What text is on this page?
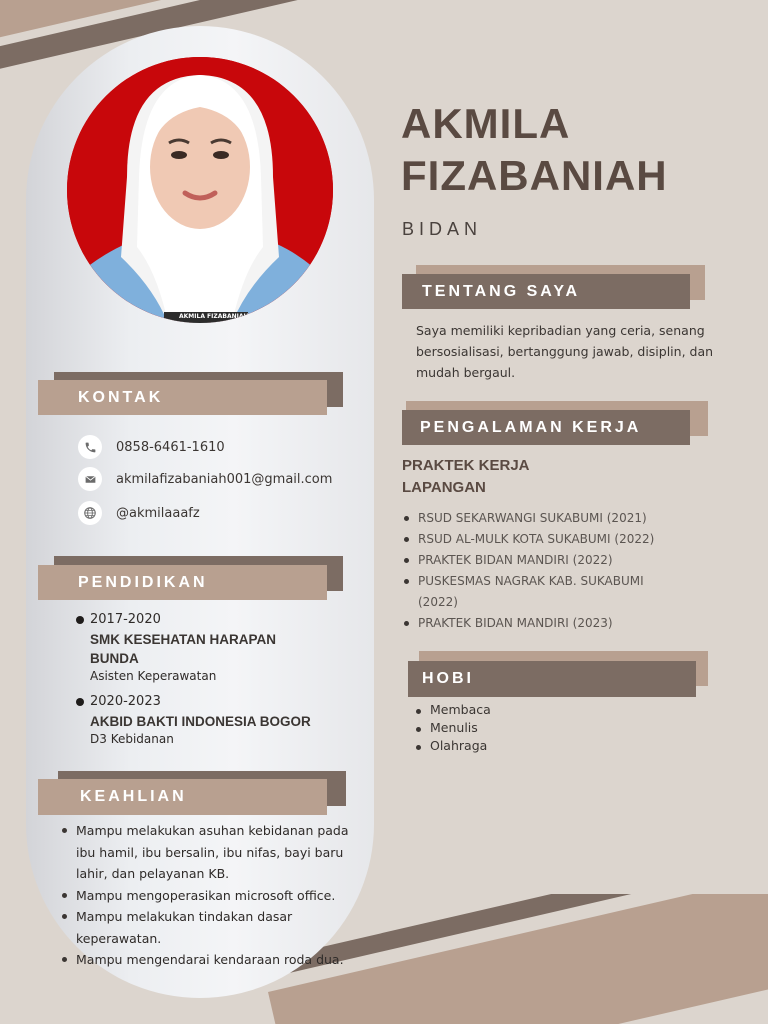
AKMILA FIZABANIAH
AKMILA
FIZABANIAH
BIDAN
TENTANG SAYA
Saya memiliki kepribadian yang ceria, senang bersosialisasi, bertanggung jawab, disiplin, dan mudah bergaul.
PENGALAMAN KERJA
PRAKTEK KERJA
LAPANGAN
RSUD SEKARWANGI SUKABUMI (2021)
RSUD AL-MULK KOTA SUKABUMI (2022)
PRAKTEK BIDAN MANDIRI (2022)
PUSKESMAS NAGRAK KAB. SUKABUMI (2022)
PRAKTEK BIDAN MANDIRI (2023)
HOBI
Membaca
Menulis
Olahraga
KONTAK
0858-6461-1610
akmilafizabaniah001@gmail.com
@akmilaaafz
PENDIDIKAN
2017-2020
SMK KESEHATAN HARAPAN BUNDA
Asisten Keperawatan
2020-2023
AKBID BAKTI INDONESIA BOGOR
D3 Kebidanan
KEAHLIAN
Mampu melakukan asuhan kebidanan pada ibu hamil, ibu bersalin, ibu nifas, bayi baru lahir, dan pelayanan KB.
Mampu mengoperasikan microsoft office.
Mampu melakukan tindakan dasar keperawatan.
Mampu mengendarai kendaraan roda dua.
